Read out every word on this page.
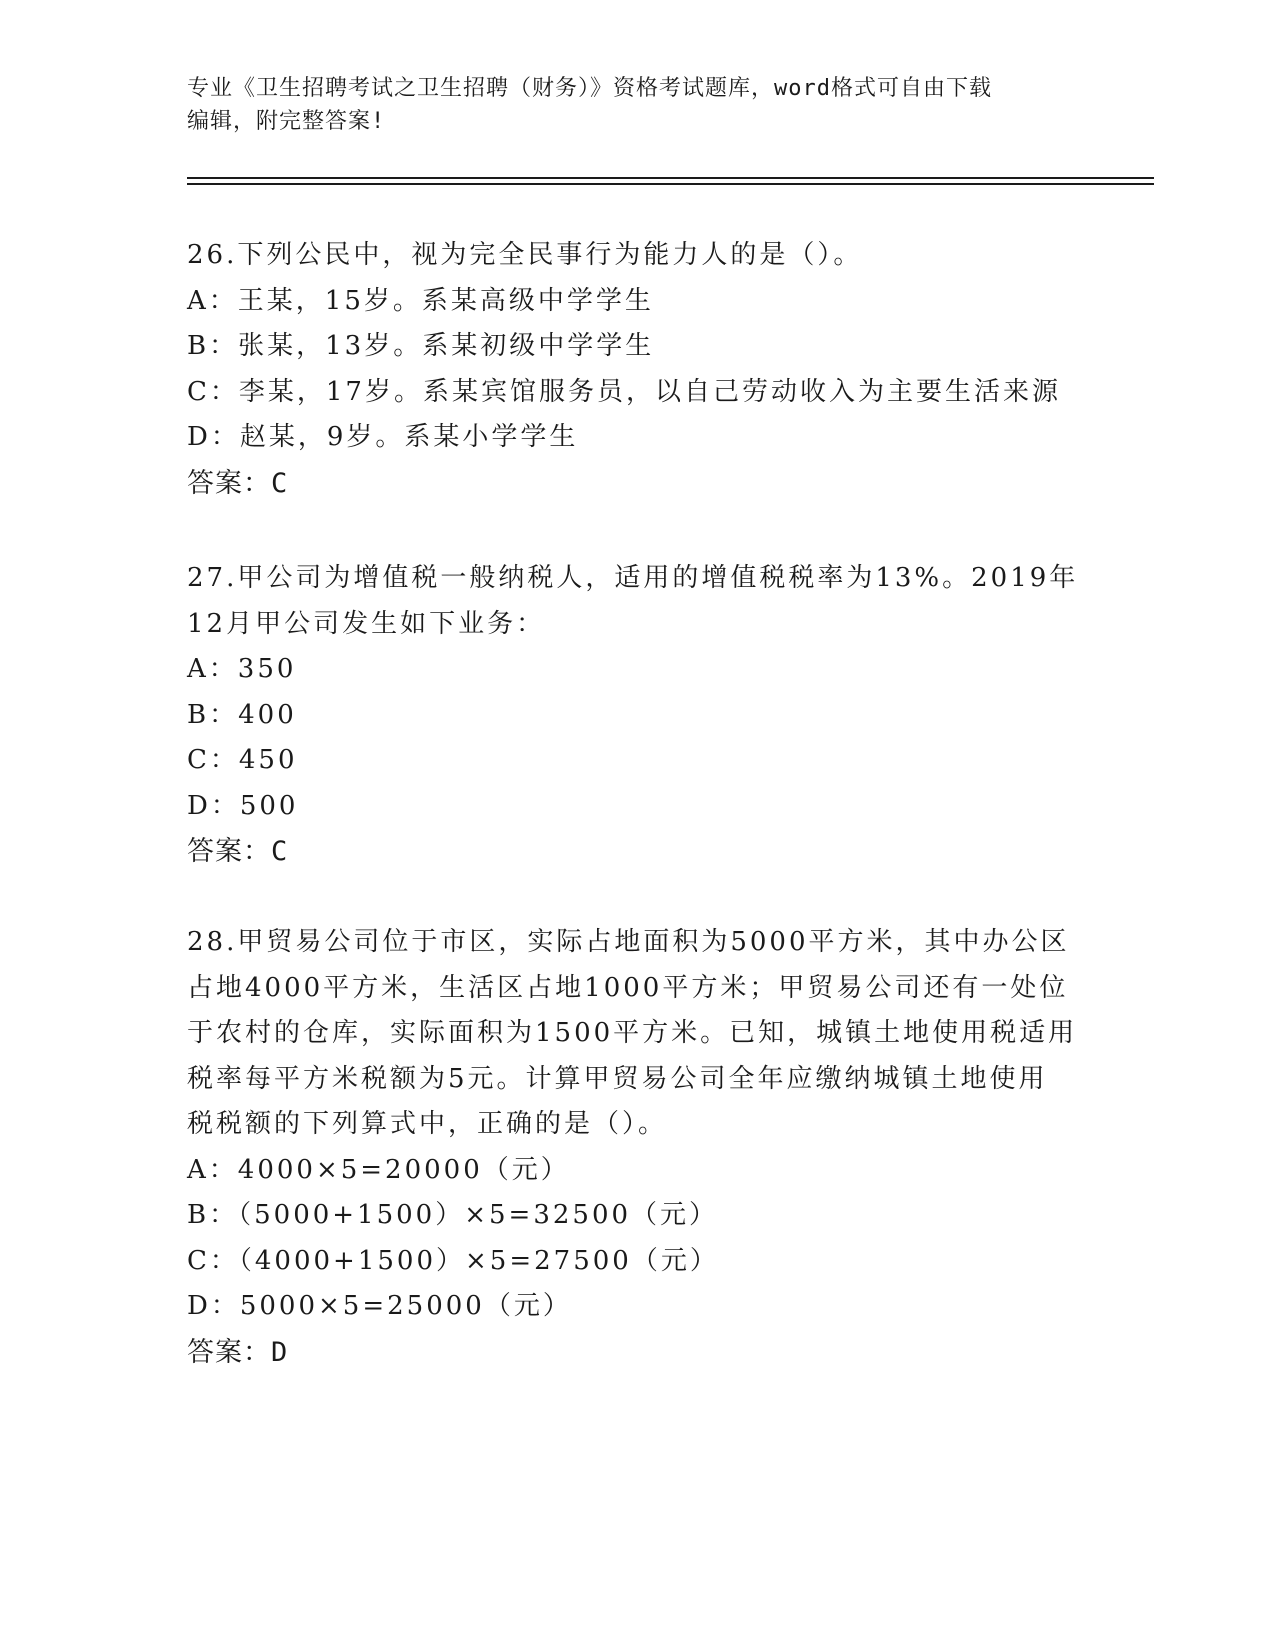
专业《卫生招聘考试之卫生招聘（财务）》资格考试题库，word格式可自由下载
编辑，附完整答案!

26.下列公民中，视为完全民事行为能力人的是（）。

A：王某，15岁。系某高级中学学生
B：张某，13岁。系某初级中学学生
C：李某，17岁。系某宾馆服务员，以自己劳动收入为主要生活来源
D：赵某，9岁。系某小学学生

答案：C

27.甲公司为增值税一般纳税人，适用的增值税税率为13%。2019年

12月甲公司发生如下业务：

A：350
B：400
C：450
D：500

答案：C

28.甲贸易公司位于市区，实际占地面积为5000平方米，其中办公区

占地4000平方米，生活区占地1000平方米；甲贸易公司还有一处位

于农村的仓库，实际面积为1500平方米。已知，城镇土地使用税适用

税率每平方米税额为5元。计算甲贸易公司全年应缴纳城镇土地使用

税税额的下列算式中，正确的是（）。

A：4000×5=20000（元）
B：（5000+1500）×5=32500（元）
C：（4000+1500）×5=27500（元）
D：5000×5=25000（元）

答案：D
